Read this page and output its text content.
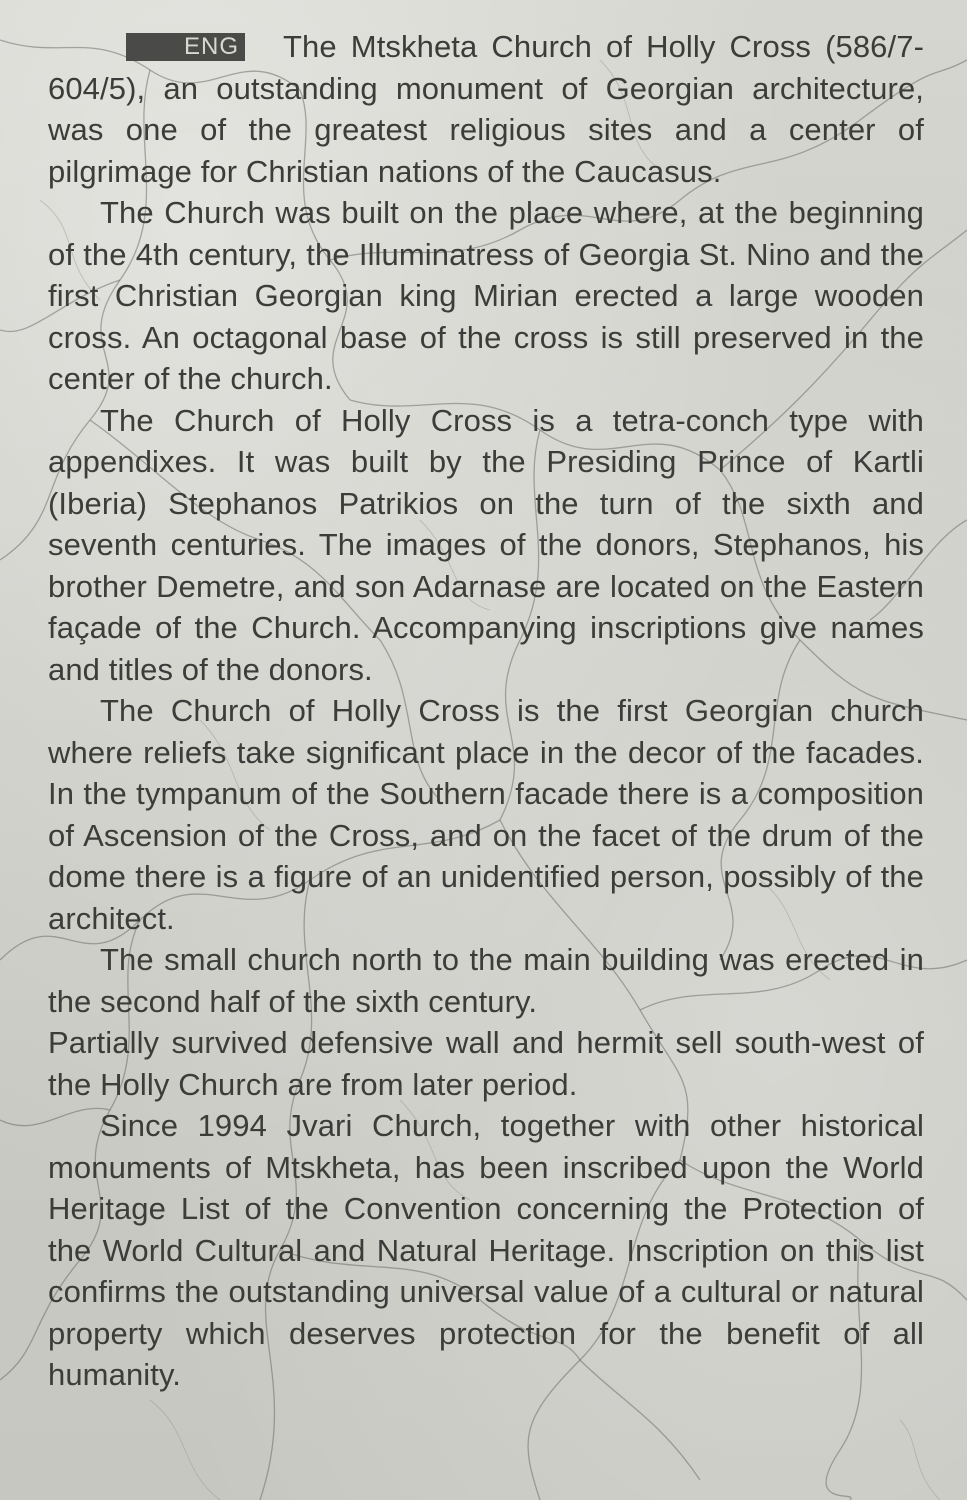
ENG The Mtskheta Church of Holly Cross (586/7-604/5), an outstanding monument of Georgian architecture, was one of the greatest religious sites and a center of pilgrimage for Christian nations of the Caucasus.

The Church was built on the place where, at the beginning of the 4th century, the Illuminatress of Georgia St. Nino and the first Christian Georgian king Mirian erected a large wooden cross. An octagonal base of the cross is still preserved in the center of the church.

The Church of Holly Cross is a tetra-conch type with appendixes. It was built by the Presiding Prince of Kartli (Iberia) Stephanos Patrikios on the turn of the sixth and seventh centuries. The images of the donors, Stephanos, his brother Demetre, and son Adarnase are located on the Eastern façade of the Church. Accompanying inscriptions give names and titles of the donors.

The Church of Holly Cross is the first Georgian church where reliefs take significant place in the decor of the facades. In the tympanum of the Southern facade there is a composition of Ascension of the Cross, and on the facet of the drum of the dome there is a figure of an unidentified person, possibly of the architect.

The small church north to the main building was erected in the second half of the sixth century.

Partially survived defensive wall and hermit sell south-west of the Holly Church are from later period.

Since 1994 Jvari Church, together with other historical monuments of Mtskheta, has been inscribed upon the World Heritage List of the Convention concerning the Protection of the World Cultural and Natural Heritage. Inscription on this list confirms the outstanding universal value of a cultural or natural property which deserves protection for the benefit of all humanity.
